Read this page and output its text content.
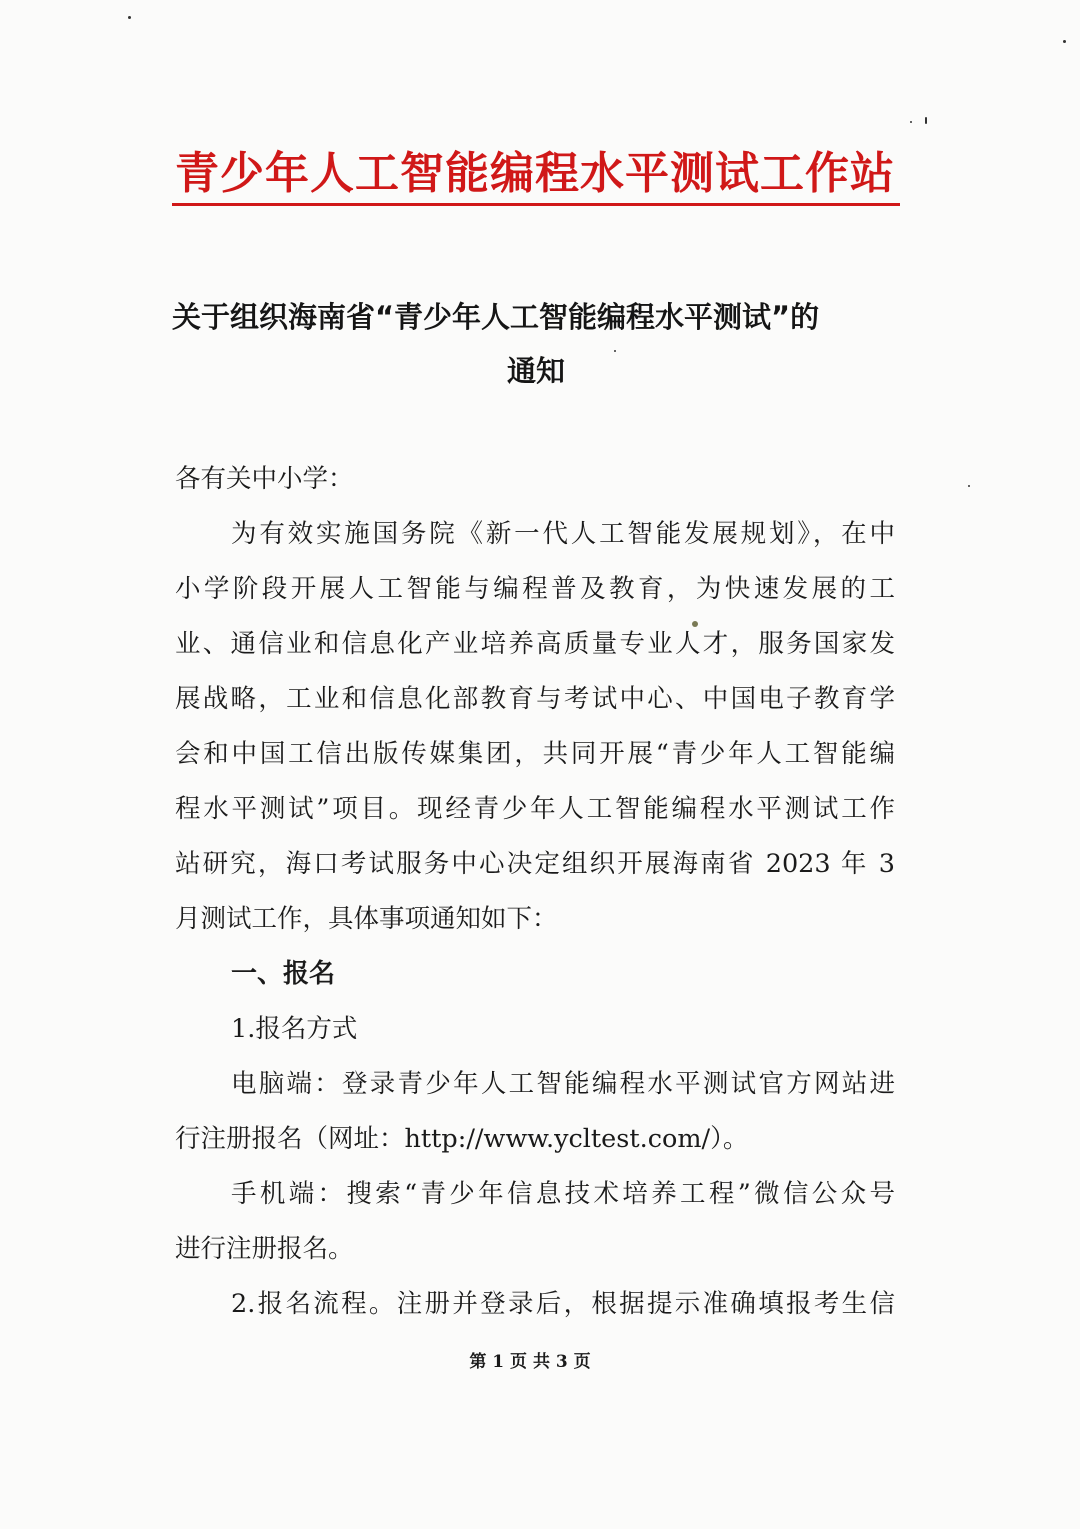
青少年人工智能编程水平测试工作站
关于组织海南省“青少年人工智能编程水平测试”的
通知
各有关中小学：
为有效实施国务院《新一代人工智能发展规划》，在中
小学阶段开展人工智能与编程普及教育，为快速发展的工
业、通信业和信息化产业培养高质量专业人才，服务国家发
展战略，工业和信息化部教育与考试中心、中国电子教育学
会和中国工信出版传媒集团，共同开展“青少年人工智能编
程水平测试”项目。现经青少年人工智能编程水平测试工作
站研究，海口考试服务中心决定组织开展海南省 2023 年 3
月测试工作，具体事项通知如下：
一、报名
1.报名方式
电脑端：登录青少年人工智能编程水平测试官方网站进
行注册报名（网址：http://www.ycltest.com/）。
手机端：搜索“青少年信息技术培养工程”微信公众号
进行注册报名。
2.报名流程。注册并登录后，根据提示准确填报考生信
第 1 页 共 3 页
